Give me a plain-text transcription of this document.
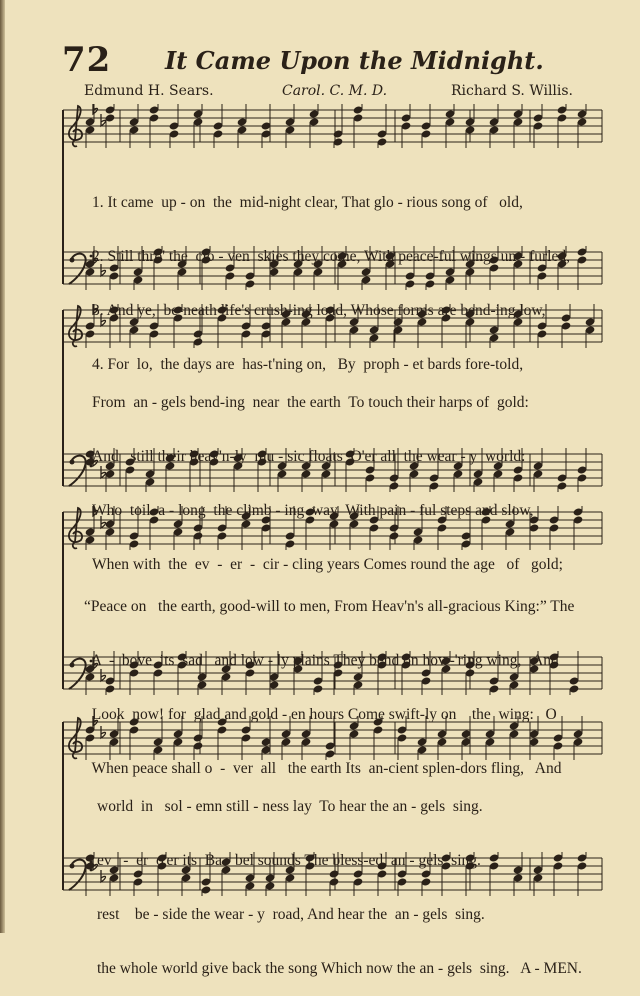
72 It Came Upon the Midnight.
Edmund H. Sears.	Carol. C. M. D.	Richard S. Willis.

1. It came  up - on  the  mid-night clear, That glo - rious song of   old,

2. Still thro' the  clo - ven  skies they come, With peace-ful wings un - furled,

3. And ye,  be-neath life's crush-ing load, Whose forms are bend-ing low,

4. For  lo,  the days are  has-t'ning on,   By  proph - et bards fore-told,

From  an - gels bend-ing  near  the earth  To touch their harps of  gold:

And   still their heav'n-ly  mu - sic floats  O'er all  the wear - y  world:

Who  toil  a - long  the climb - ing  way  With pain - ful steps and slow,

When with  the  ev  -  er  -  cir - cling years Comes round the age   of   gold;

“Peace on   the earth, good-will to men, From Heav'n's all-gracious King:” The

A  -  bove  its  sad   and low - ly plains They bend on hov -'ring wing,   And

Look  now! for  glad and gold - en hours Come swift-ly on    the  wing:   O

When peace shall o  -  ver  all   the earth Its  an-cient splen-dors fling,   And

world  in   sol - emn still - ness lay  To hear the an - gels  sing.

ev   -  er  o'er its  Ba - bel sounds The bless-ed  an - gels  sing.

rest    be - side the wear - y  road, And hear the  an - gels  sing.

the whole world give back the song Which now the an - gels  sing.   A - MEN.
